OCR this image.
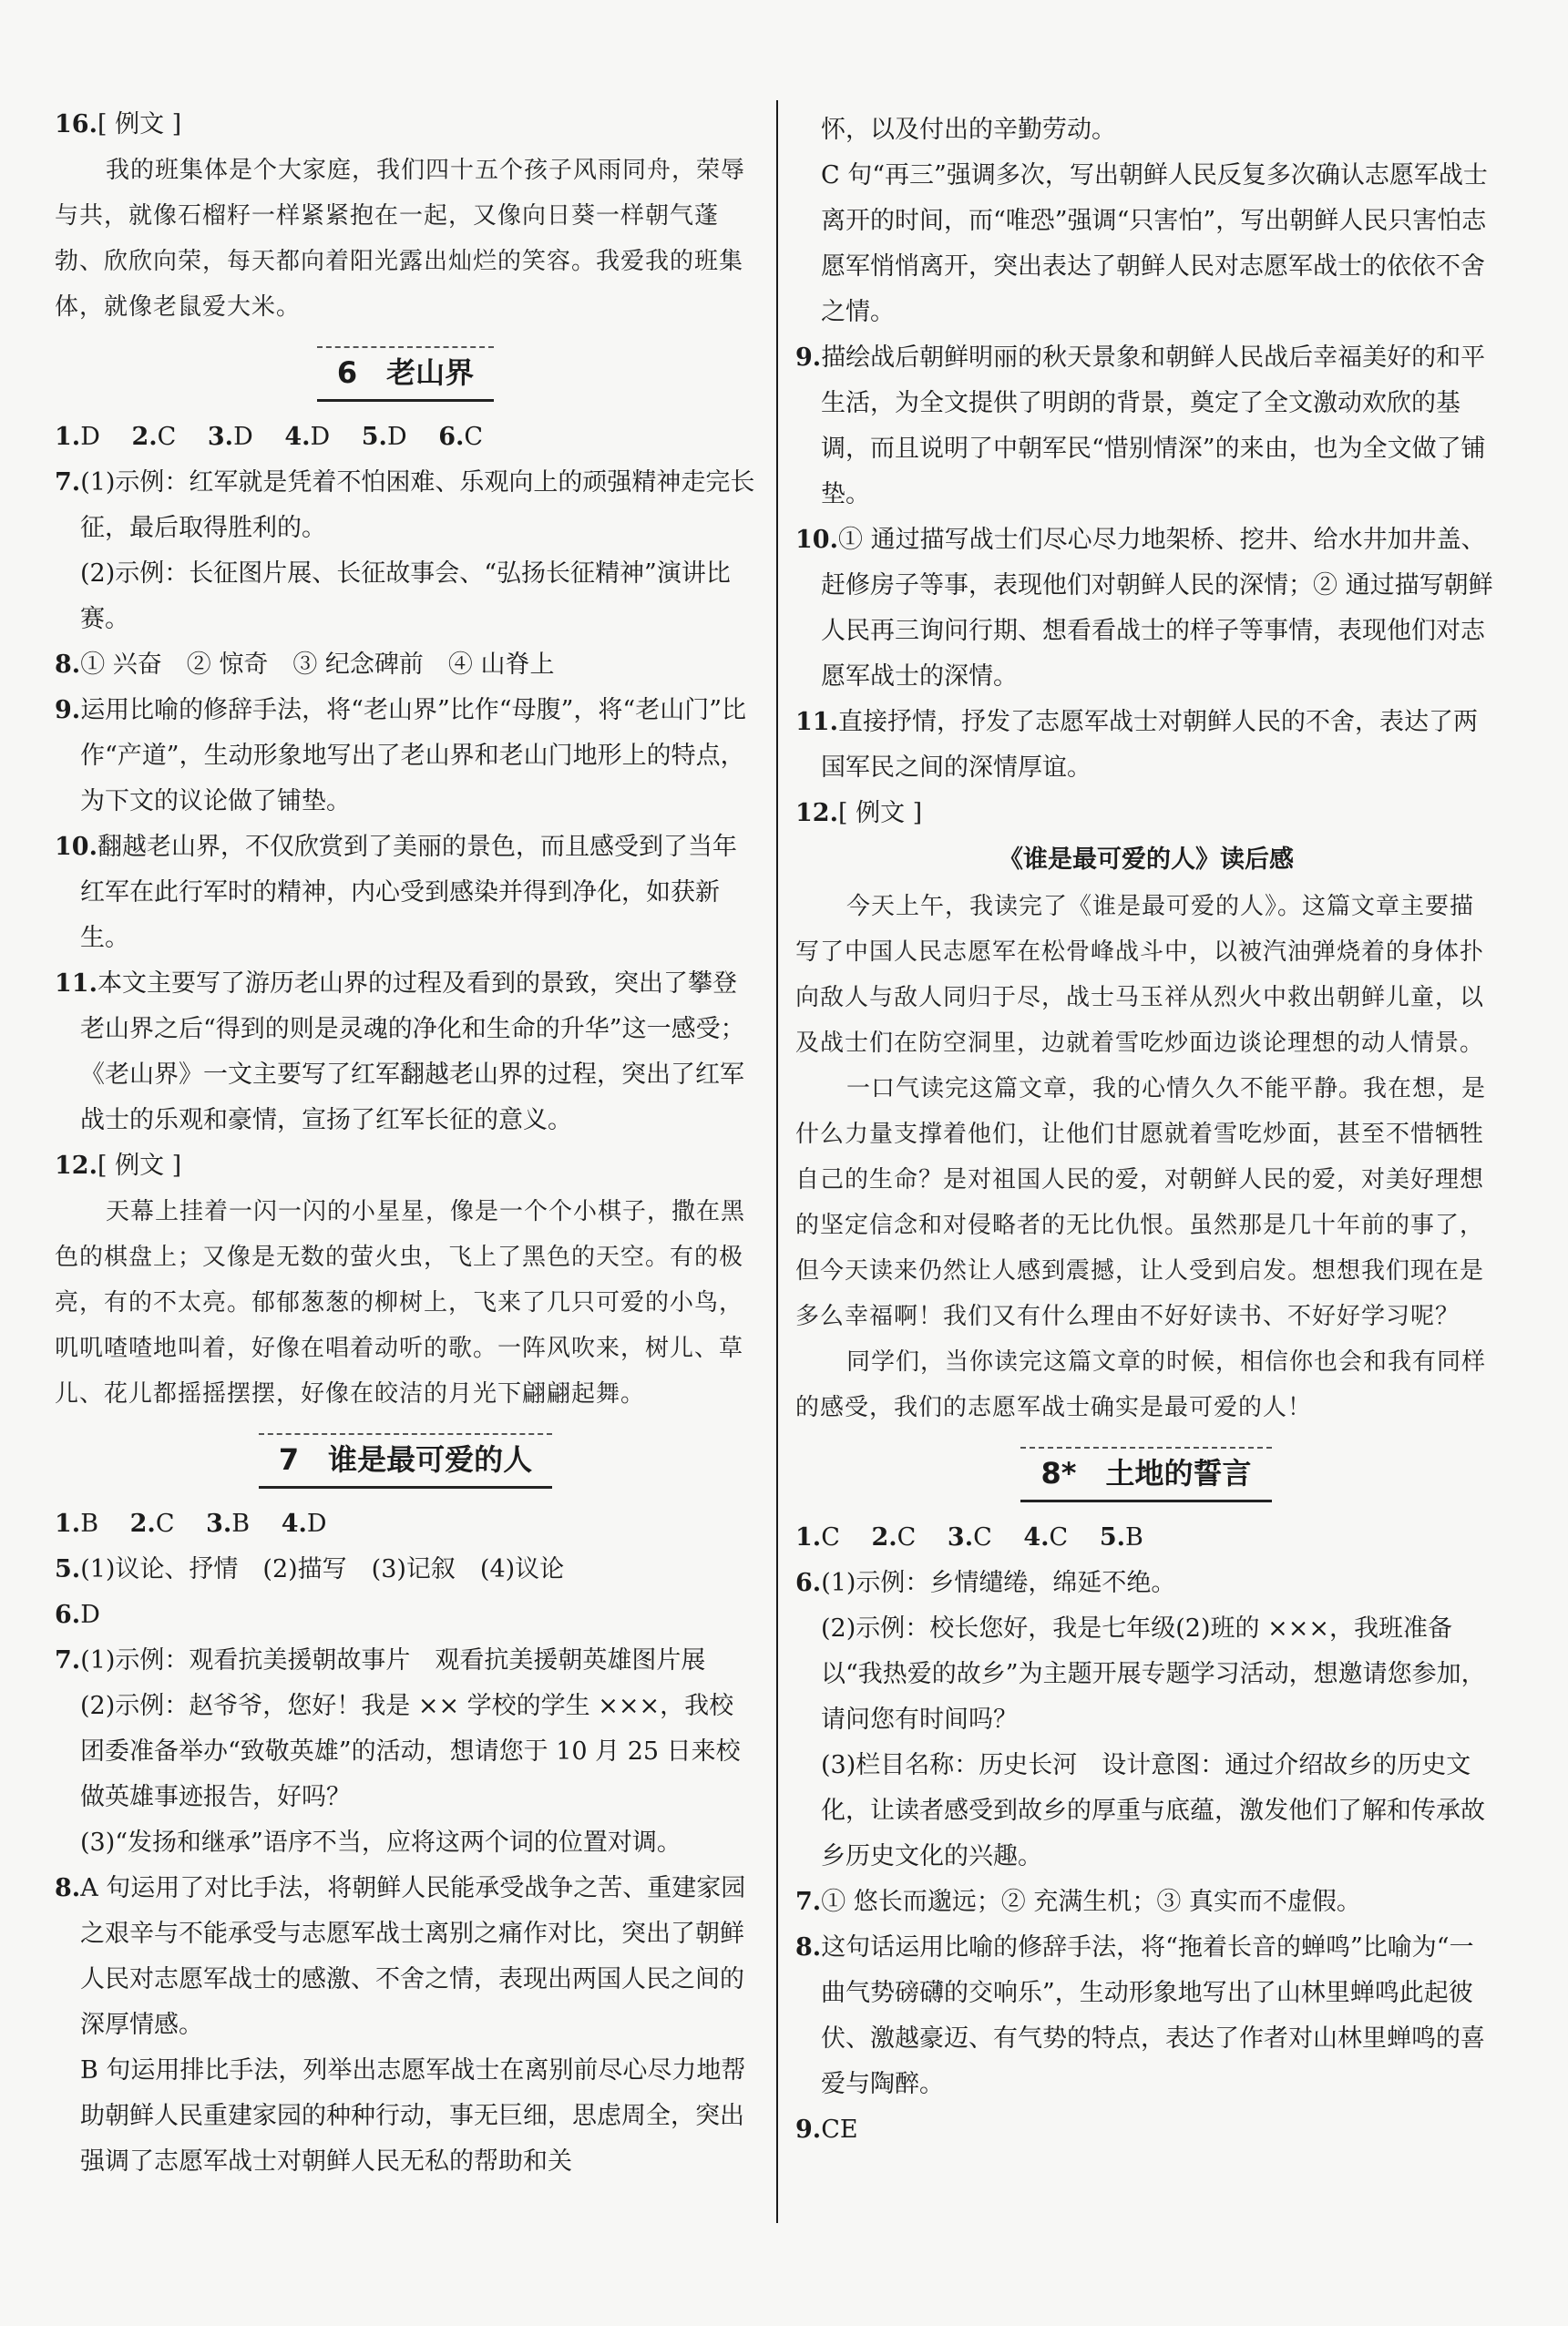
16.[ 例文 ]

我的班集体是个大家庭，我们四十五个孩子风雨同舟，荣辱与共，就像石榴籽一样紧紧抱在一起，又像向日葵一样朝气蓬勃、欣欣向荣，每天都向着阳光露出灿烂的笑容。我爱我的班集体，就像老鼠爱大米。

6　老山界

1.D 2.C 3.D 4.D 5.D 6.C

7.(1)示例：红军就是凭着不怕困难、乐观向上的顽强精神走完长征，最后取得胜利的。

(2)示例：长征图片展、长征故事会、“弘扬长征精神”演讲比赛。

8.① 兴奋　② 惊奇　③ 纪念碑前　④ 山脊上

9.运用比喻的修辞手法，将“老山界”比作“母腹”，将“老山门”比作“产道”，生动形象地写出了老山界和老山门地形上的特点，为下文的议论做了铺垫。

10.翻越老山界，不仅欣赏到了美丽的景色，而且感受到了当年红军在此行军时的精神，内心受到感染并得到净化，如获新生。

11.本文主要写了游历老山界的过程及看到的景致，突出了攀登老山界之后“得到的则是灵魂的净化和生命的升华”这一感受；《老山界》一文主要写了红军翻越老山界的过程，突出了红军战士的乐观和豪情，宣扬了红军长征的意义。

12.[ 例文 ]

天幕上挂着一闪一闪的小星星，像是一个个小棋子，撒在黑色的棋盘上；又像是无数的萤火虫，飞上了黑色的天空。有的极亮，有的不太亮。郁郁葱葱的柳树上，飞来了几只可爱的小鸟，叽叽喳喳地叫着，好像在唱着动听的歌。一阵风吹来，树儿、草儿、花儿都摇摇摆摆，好像在皎洁的月光下翩翩起舞。

7　谁是最可爱的人

1.B 2.C 3.B 4.D

5.(1)议论、抒情　(2)描写　(3)记叙　(4)议论

6.D

7.(1)示例：观看抗美援朝故事片　观看抗美援朝英雄图片展

(2)示例：赵爷爷，您好！我是 ×× 学校的学生 ×××，我校团委准备举办“致敬英雄”的活动，想请您于 10 月 25 日来校做英雄事迹报告，好吗？

(3)“发扬和继承”语序不当，应将这两个词的位置对调。

8.A 句运用了对比手法，将朝鲜人民能承受战争之苦、重建家园之艰辛与不能承受与志愿军战士离别之痛作对比，突出了朝鲜人民对志愿军战士的感激、不舍之情，表现出两国人民之间的深厚情感。

B 句运用排比手法，列举出志愿军战士在离别前尽心尽力地帮助朝鲜人民重建家园的种种行动，事无巨细，思虑周全，突出强调了志愿军战士对朝鲜人民无私的帮助和关

怀，以及付出的辛勤劳动。

C 句“再三”强调多次，写出朝鲜人民反复多次确认志愿军战士离开的时间，而“唯恐”强调“只害怕”，写出朝鲜人民只害怕志愿军悄悄离开，突出表达了朝鲜人民对志愿军战士的依依不舍之情。

9.描绘战后朝鲜明丽的秋天景象和朝鲜人民战后幸福美好的和平生活，为全文提供了明朗的背景，奠定了全文激动欢欣的基调，而且说明了中朝军民“惜别情深”的来由，也为全文做了铺垫。

10.① 通过描写战士们尽心尽力地架桥、挖井、给水井加井盖、赶修房子等事，表现他们对朝鲜人民的深情；② 通过描写朝鲜人民再三询问行期、想看看战士的样子等事情，表现他们对志愿军战士的深情。

11.直接抒情，抒发了志愿军战士对朝鲜人民的不舍，表达了两国军民之间的深情厚谊。

12.[ 例文 ]

《谁是最可爱的人》读后感

今天上午，我读完了《谁是最可爱的人》。这篇文章主要描写了中国人民志愿军在松骨峰战斗中，以被汽油弹烧着的身体扑向敌人与敌人同归于尽，战士马玉祥从烈火中救出朝鲜儿童，以及战士们在防空洞里，边就着雪吃炒面边谈论理想的动人情景。

一口气读完这篇文章，我的心情久久不能平静。我在想，是什么力量支撑着他们，让他们甘愿就着雪吃炒面，甚至不惜牺牲自己的生命？是对祖国人民的爱，对朝鲜人民的爱，对美好理想的坚定信念和对侵略者的无比仇恨。虽然那是几十年前的事了，但今天读来仍然让人感到震撼，让人受到启发。想想我们现在是多么幸福啊！我们又有什么理由不好好读书、不好好学习呢？

同学们，当你读完这篇文章的时候，相信你也会和我有同样的感受，我们的志愿军战士确实是最可爱的人！

8*　土地的誓言

1.C 2.C 3.C 4.C 5.B

6.(1)示例：乡情缱绻，绵延不绝。

(2)示例：校长您好，我是七年级(2)班的 ×××，我班准备以“我热爱的故乡”为主题开展专题学习活动，想邀请您参加，请问您有时间吗？

(3)栏目名称：历史长河　设计意图：通过介绍故乡的历史文化，让读者感受到故乡的厚重与底蕴，激发他们了解和传承故乡历史文化的兴趣。

7.① 悠长而邈远；② 充满生机；③ 真实而不虚假。

8.这句话运用比喻的修辞手法，将“拖着长音的蝉鸣”比喻为“一曲气势磅礴的交响乐”，生动形象地写出了山林里蝉鸣此起彼伏、激越豪迈、有气势的特点，表达了作者对山林里蝉鸣的喜爱与陶醉。

9.CE
